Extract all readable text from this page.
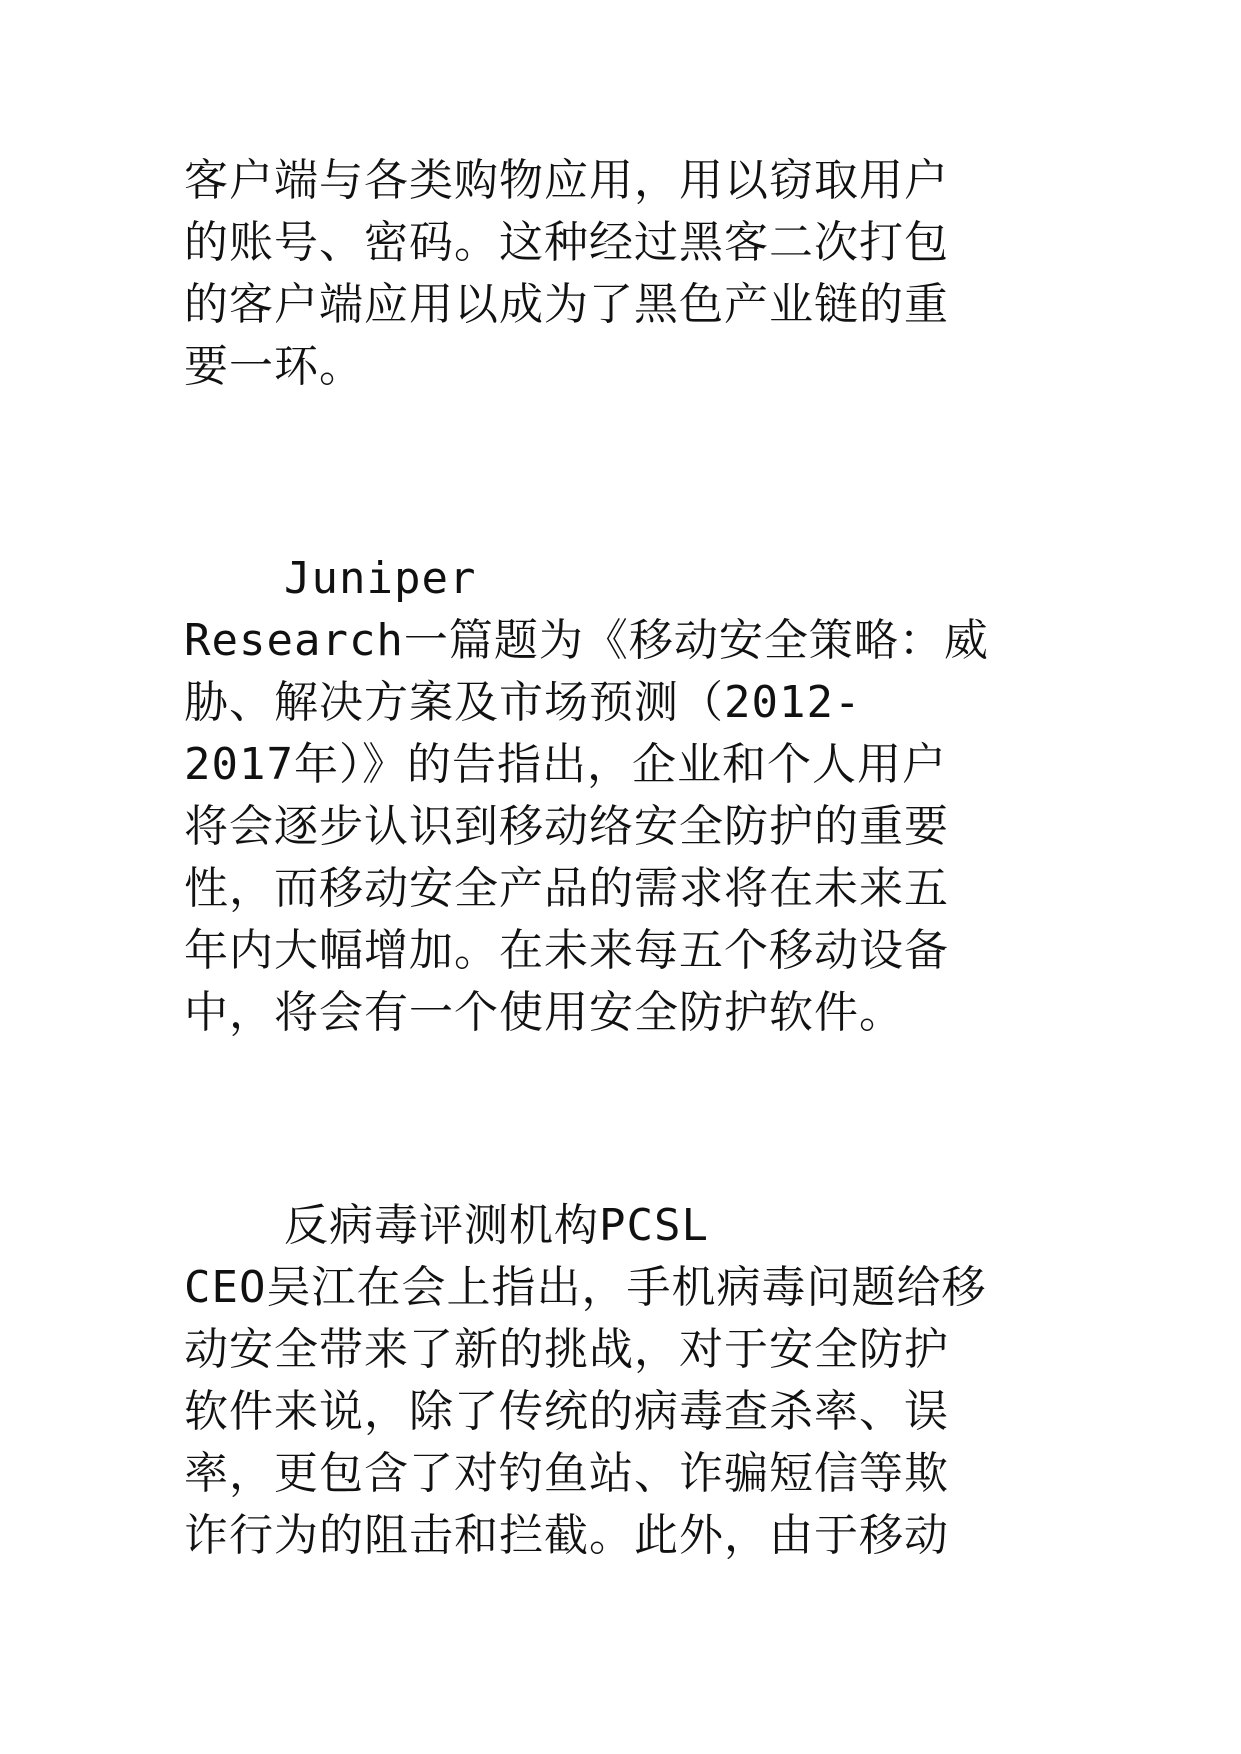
客户端与各类购物应用，用以窃取用户
的账号、密码。这种经过黑客二次打包
的客户端应用以成为了黑色产业链的重
要一环。
Juniper
Research一篇题为《移动安全策略：威
胁、解决方案及市场预测（2012-
2017年）》的告指出，企业和个人用户
将会逐步认识到移动络安全防护的重要
性，而移动安全产品的需求将在未来五
年内大幅增加。在未来每五个移动设备
中，将会有一个使用安全防护软件。
反病毒评测机构PCSL
CEO吴江在会上指出，手机病毒问题给移
动安全带来了新的挑战，对于安全防护
软件来说，除了传统的病毒查杀率、误
率，更包含了对钓鱼站、诈骗短信等欺
诈行为的阻击和拦截。此外，由于移动
